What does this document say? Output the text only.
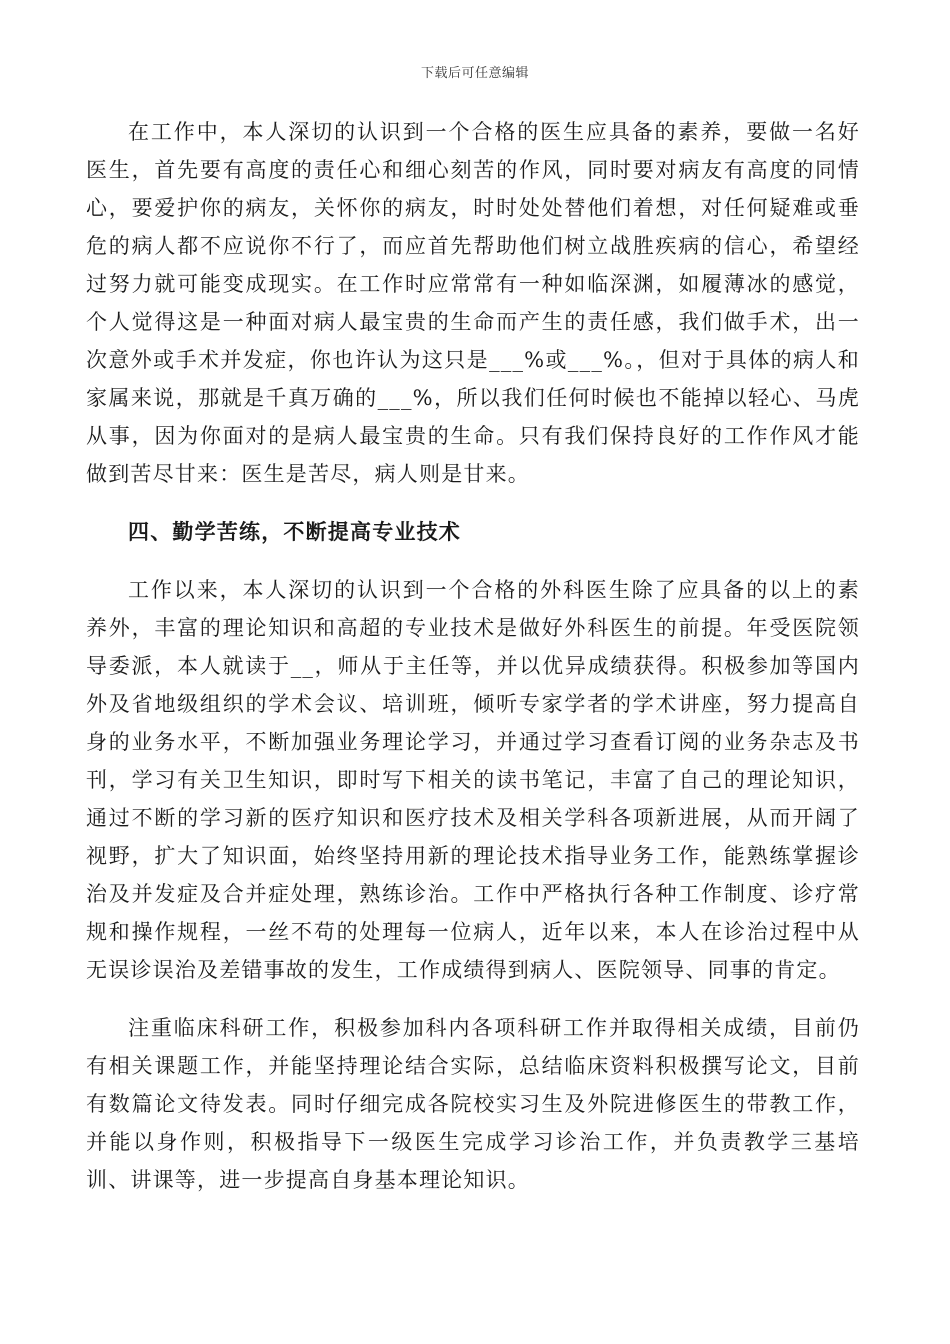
下载后可任意编辑

在工作中，本人深切的认识到一个合格的医生应具备的素养，要做一名好医生，首先要有高度的责任心和细心刻苦的作风，同时要对病友有高度的同情心，要爱护你的病友，关怀你的病友，时时处处替他们着想，对任何疑难或垂危的病人都不应说你不行了，而应首先帮助他们树立战胜疾病的信心，希望经过努力就可能变成现实。在工作时应常常有一种如临深渊，如履薄冰的感觉，个人觉得这是一种面对病人最宝贵的生命而产生的责任感，我们做手术，出一次意外或手术并发症，你也许认为这只是___%或___%。，但对于具体的病人和家属来说，那就是千真万确的___%，所以我们任何时候也不能掉以轻心、马虎从事，因为你面对的是病人最宝贵的生命。只有我们保持良好的工作作风才能做到苦尽甘来：医生是苦尽，病人则是甘来。

四、勤学苦练，不断提高专业技术

工作以来，本人深切的认识到一个合格的外科医生除了应具备的以上的素养外，丰富的理论知识和高超的专业技术是做好外科医生的前提。年受医院领导委派，本人就读于__，师从于主任等，并以优异成绩获得。积极参加等国内外及省地级组织的学术会议、培训班，倾听专家学者的学术讲座，努力提高自身的业务水平，不断加强业务理论学习，并通过学习查看订阅的业务杂志及书刊，学习有关卫生知识，即时写下相关的读书笔记，丰富了自己的理论知识，通过不断的学习新的医疗知识和医疗技术及相关学科各项新进展，从而开阔了视野，扩大了知识面，始终坚持用新的理论技术指导业务工作，能熟练掌握诊治及并发症及合并症处理，熟练诊治。工作中严格执行各种工作制度、诊疗常规和操作规程，一丝不苟的处理每一位病人，近年以来，本人在诊治过程中从无误诊误治及差错事故的发生，工作成绩得到病人、医院领导、同事的肯定。

注重临床科研工作，积极参加科内各项科研工作并取得相关成绩，目前仍有相关课题工作，并能坚持理论结合实际，总结临床资料积极撰写论文，目前有数篇论文待发表。同时仔细完成各院校实习生及外院进修医生的带教工作，并能以身作则，积极指导下一级医生完成学习诊治工作，并负责教学三基培训、讲课等，进一步提高自身基本理论知识。
